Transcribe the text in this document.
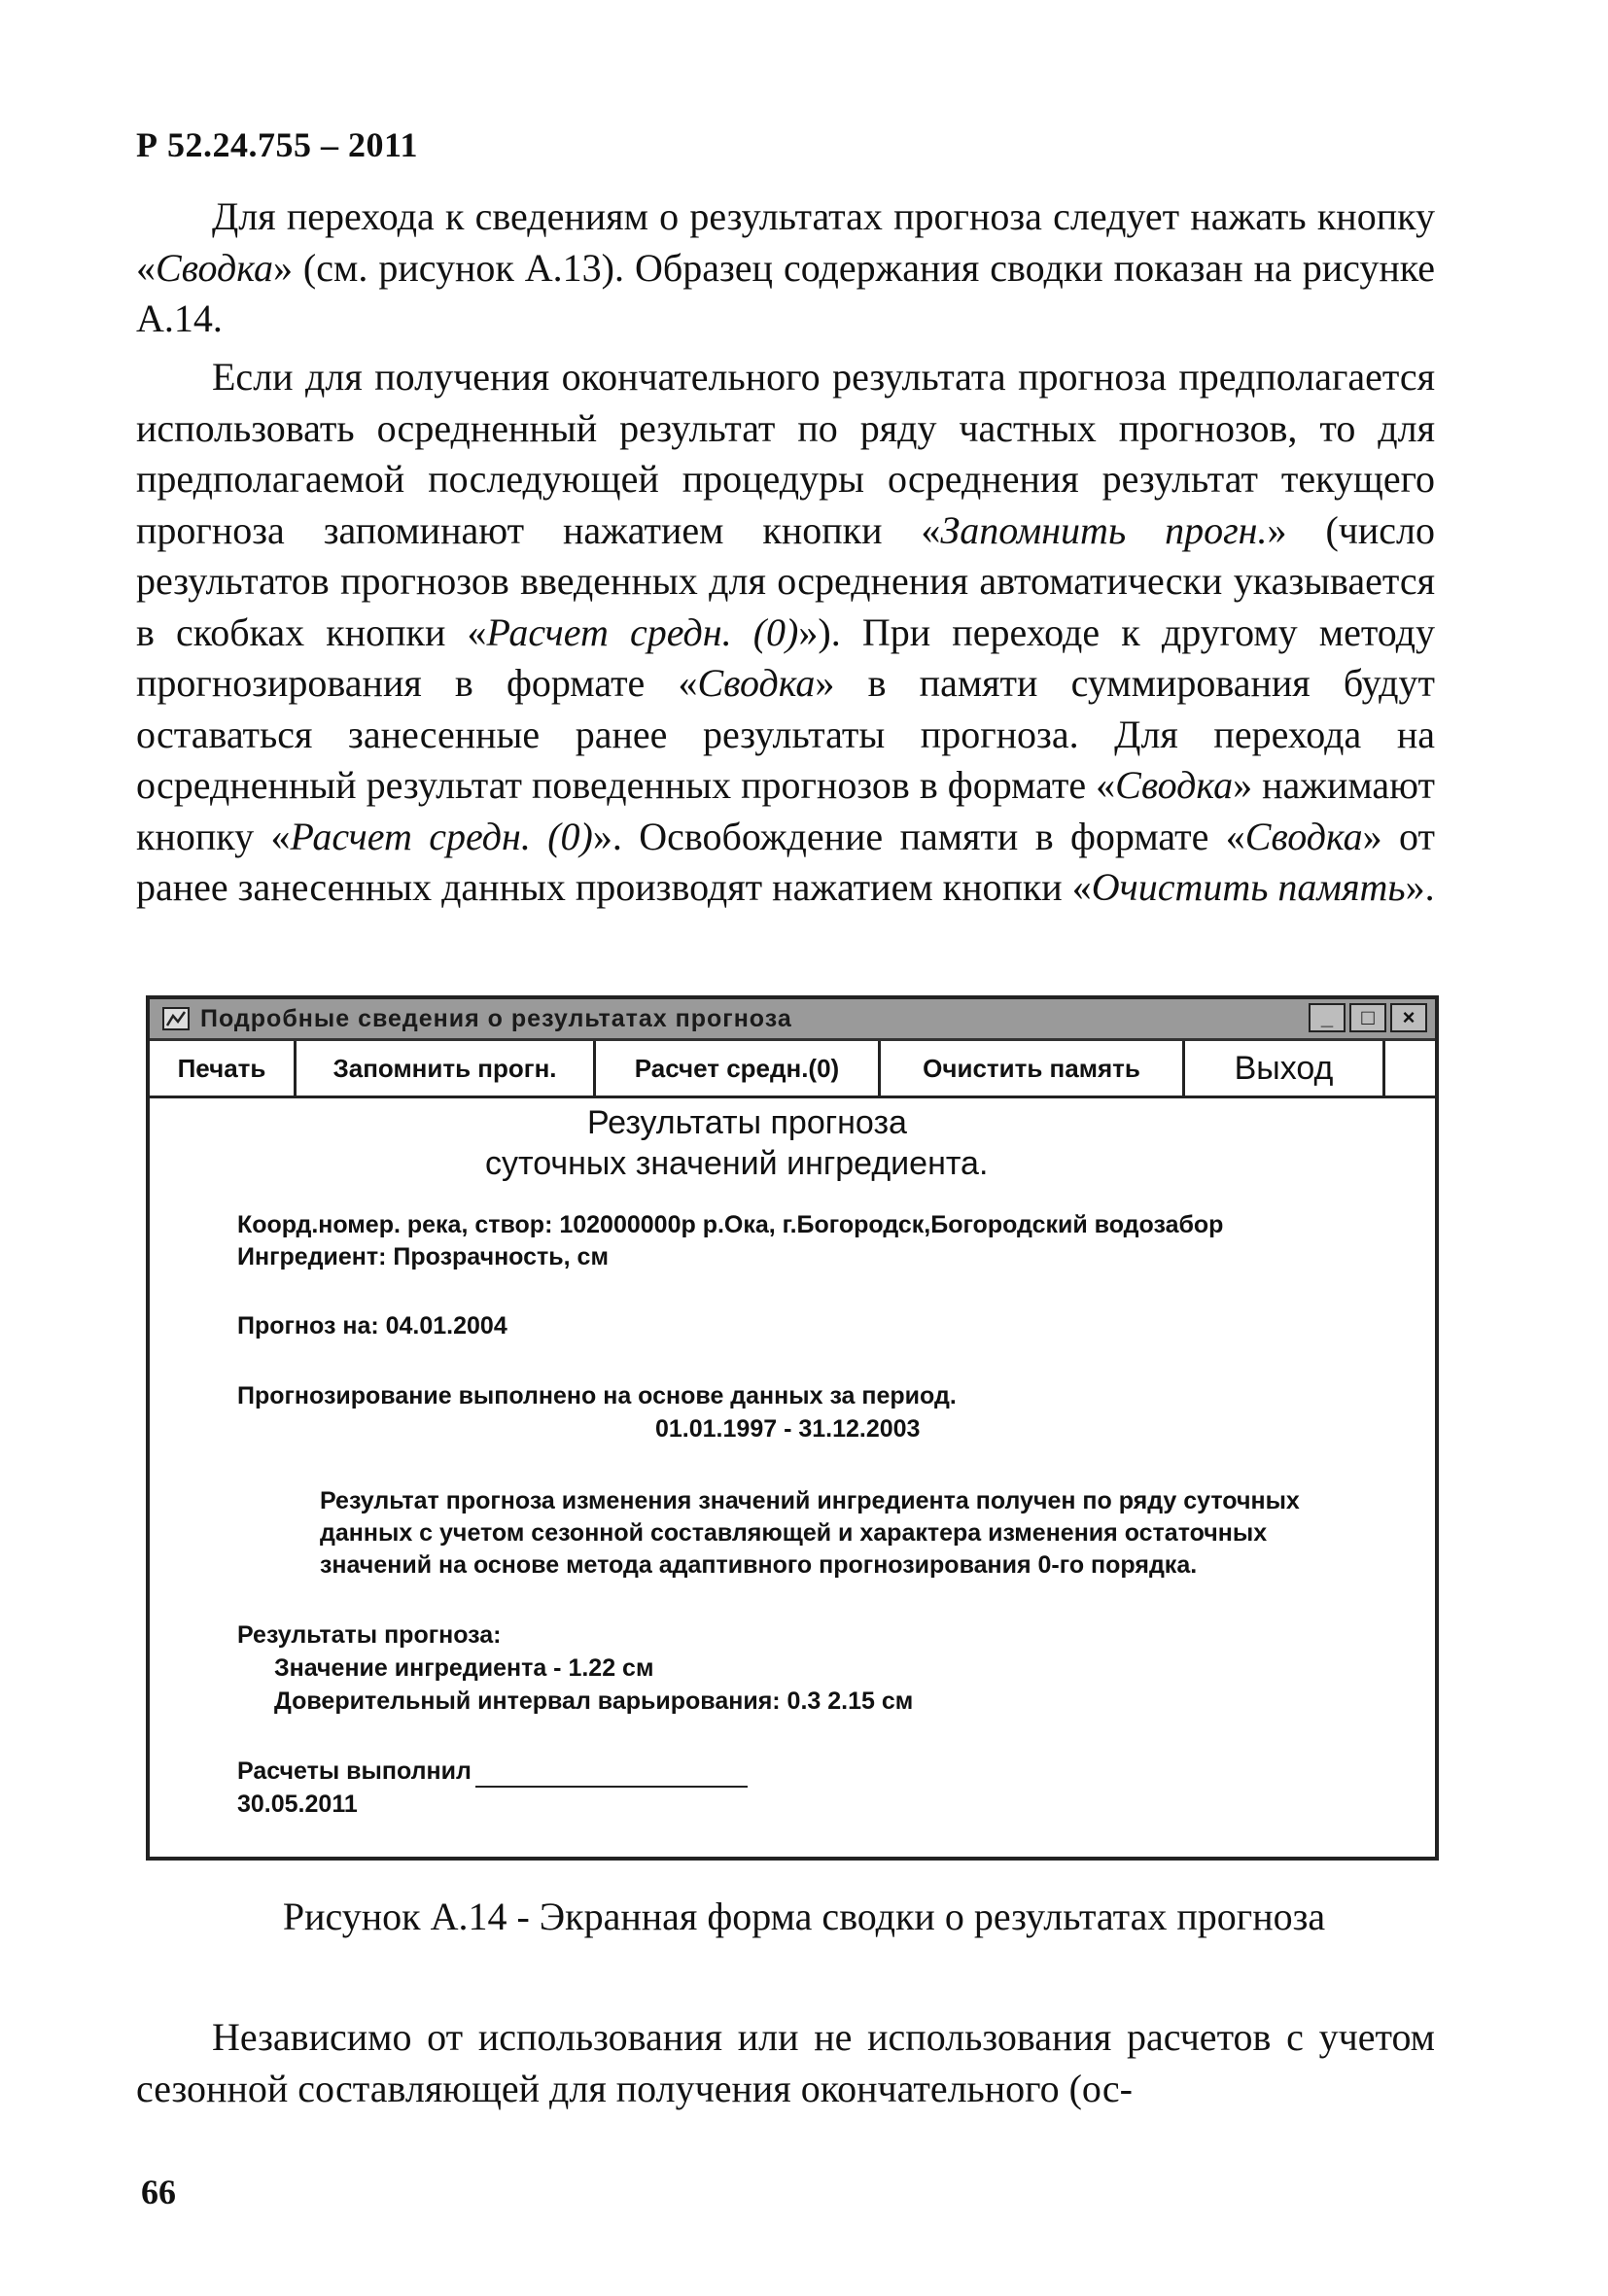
Р 52.24.755 – 2011

Для перехода к сведениям о результатах прогноза следует нажать кнопку «Сводка» (см. рисунок А.13). Образец содержания сводки показан на рисунке А.14.

Если для получения окончательного результата прогноза предполагается использовать осредненный результат по ряду частных прогнозов, то для предполагаемой последующей процедуры осреднения результат текущего прогноза запоминают нажатием кнопки «Запомнить прогн.» (число результатов прогнозов введенных для осреднения автоматически указывается в скобках кнопки «Расчет средн. (0)»). При переходе к другому методу прогнозирования в формате «Сводка» в памяти суммирования будут оставаться занесенные ранее результаты прогноза. Для перехода на осредненный результат поведенных прогнозов в формате «Сводка» нажимают кнопку «Расчет средн. (0)». Освобождение памяти в формате «Сводка» от ранее занесенных данных производят нажатием кнопки «Очистить память».

Подробные сведения о результатах прогноза	_	□	×
Печать	Запомнить прогн.	Расчет средн.(0)	Очистить память	Выход
Результаты прогноза
суточных значений ингредиента.
Коорд.номер. река, створ: 102000000р р.Ока, г.Богородск,Богородский водозабор
Ингредиент: Прозрачность, см
Прогноз на: 04.01.2004
Прогнозирование выполнено на основе данных за период.
01.01.1997 - 31.12.2003
Результат прогноза изменения значений ингредиента получен по ряду суточных данных с учетом сезонной составляющей и характера изменения остаточных значений на основе метода адаптивного прогнозирования 0-го порядка.
Результаты прогноза:
Значение ингредиента - 1.22 см
Доверительный интервал варьирования: 0.3 2.15 см
Расчеты выполнил
30.05.2011
Рисунок А.14 - Экранная форма сводки о результатах прогноза

Независимо от использования или не использования расчетов с учетом сезонной составляющей для получения окончательного (ос-

66
